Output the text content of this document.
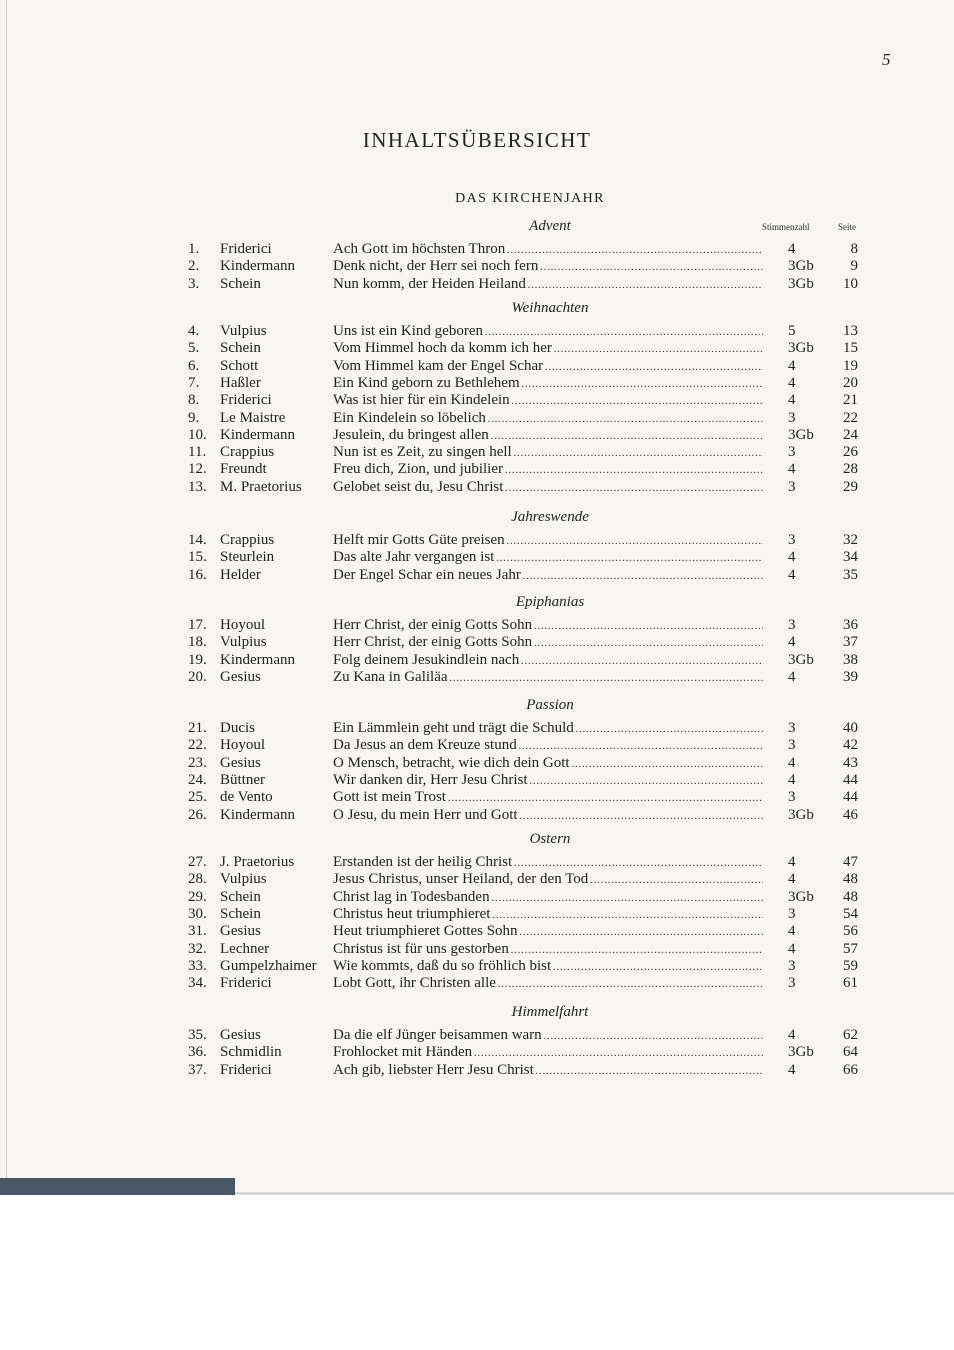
5
INHALTSÜBERSICHT
DAS KIRCHENJAHR
Stimmenzahl	Seite
Advent
1.	Friderici	Ach Gott im höchsten Thron . . .	4	8
2.	Kindermann	Denk nicht, der Herr sei noch fern . . .	3Gb	9
3.	Schein	Nun komm, der Heiden Heiland . . .	3Gb	10
Weihnachten
4.	Vulpius	Uns ist ein Kind geboren . . .	5	13
5.	Schein	Vom Himmel hoch da komm ich her . . .	3Gb	15
6.	Schott	Vom Himmel kam der Engel Schar . . .	4	19
7.	Haßler	Ein Kind geborn zu Bethlehem . . .	4	20
8.	Friderici	Was ist hier für ein Kindelein . . .	4	21
9.	Le Maistre	Ein Kindelein so löbelich . . .	3	22
10. Kindermann	Jesulein, du bringest allen . . .	3Gb	24
11. Crappius	Nun ist es Zeit, zu singen hell . . .	3	26
12. Freundt	Freu dich, Zion, und jubilier . . .	4	28
13. M. Praetorius	Gelobet seist du, Jesu Christ . . .	3	29
Jahreswende
14. Crappius	Helft mir Gotts Güte preisen . . .	3	32
15. Steurlein	Das alte Jahr vergangen ist . . .	4	34
16. Helder	Der Engel Schar ein neues Jahr . . .	4	35
Epiphanias
17. Hoyoul	Herr Christ, der einig Gotts Sohn . . .	3	36
18. Vulpius	Herr Christ, der einig Gotts Sohn . . .	4	37
19. Kindermann	Folg deinem Jesukindlein nach . . .	3Gb	38
20. Gesius	Zu Kana in Galiläa . . .	4	39
Passion
21. Ducis	Ein Lämmlein geht und trägt die Schuld . . .	3	40
22. Hoyoul	Da Jesus an dem Kreuze stund . . .	3	42
23. Gesius	O Mensch, betracht, wie dich dein Gott . . .	4	43
24. Büttner	Wir danken dir, Herr Jesu Christ . . .	4	44
25. de Vento	Gott ist mein Trost . . .	3	44
26. Kindermann	O Jesu, du mein Herr und Gott . . .	3Gb	46
Ostern
27. J. Praetorius	Erstanden ist der heilig Christ . . .	4	47
28. Vulpius	Jesus Christus, unser Heiland, der den Tod . . .	4	48
29. Schein	Christ lag in Todesbanden . . .	3Gb	48
30. Schein	Christus heut triumphieret . . .	3	54
31. Gesius	Heut triumphieret Gottes Sohn . . .	4	56
32. Lechner	Christus ist für uns gestorben . . .	4	57
33. Gumpelzhaimer	Wie kommts, daß du so fröhlich bist . . .	3	59
34. Friderici	Lobt Gott, ihr Christen alle . . .	3	61
Himmelfahrt
35. Gesius	Da die elf Jünger beisammen warn . . .	4	62
36. Schmidlin	Frohlocket mit Händen . . .	3Gb	64
37. Friderici	Ach gib, liebster Herr Jesu Christ . . .	4	66
